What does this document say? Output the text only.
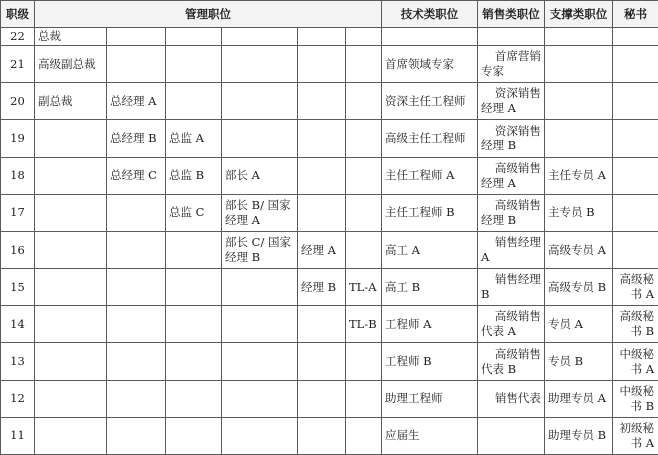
职级	管理职位						技术类职位	销售类职位	支撑类职位	秘书
22	总裁									
21	高级副总裁						首席领域专家	首席营销专家		
20	副总裁	总经理 A					资深主任工程师	资深销售经理 A		
19		总经理 B	总监 A				高级主任工程师	资深销售经理 B		
18		总经理 C	总监 B	部长 A			主任工程师 A	高级销售经理 A	主任专员 A	
17			总监 C	部长 B/ 国家经理 A			主任工程师 B	高级销售经理 B	主专员 B	
16				部长 C/ 国家经理 B	经理 A		高工 A	销售经理 A	高级专员 A	
15					经理 B	TL-A	高工 B	销售经理 B	高级专员 B	高级秘书 A
14						TL-B	工程师 A	高级销售代表 A	专员 A	高级秘书 B
13							工程师 B	高级销售代表 B	专员 B	中级秘书 A
12							助理工程师	销售代表	助理专员 A	中级秘书 B
11							应届生		助理专员 B	初级秘书 A
